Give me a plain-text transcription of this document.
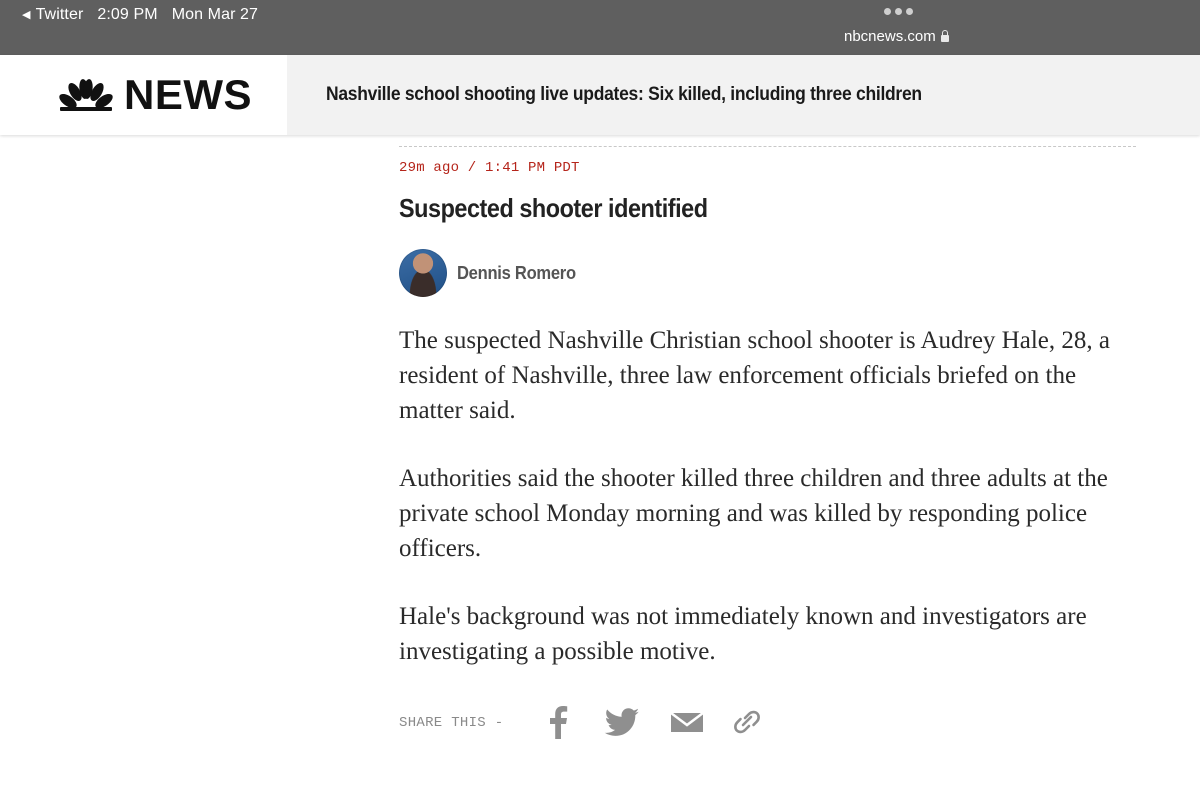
◀ Twitter 2:09 PM Mon Mar 27
nbcnews.com
NEWS	Nashville school shooting live updates: Six killed, including three children
29m ago / 1:41 PM PDT
Suspected shooter identified
Dennis Romero

The suspected Nashville Christian school shooter is Audrey Hale, 28, a resident of Nashville, three law enforcement officials briefed on the matter said.

Authorities said the shooter killed three children and three adults at the private school Monday morning and was killed by responding police officers.

Hale's background was not immediately known and investigators are investigating a possible motive.

SHARE THIS -
